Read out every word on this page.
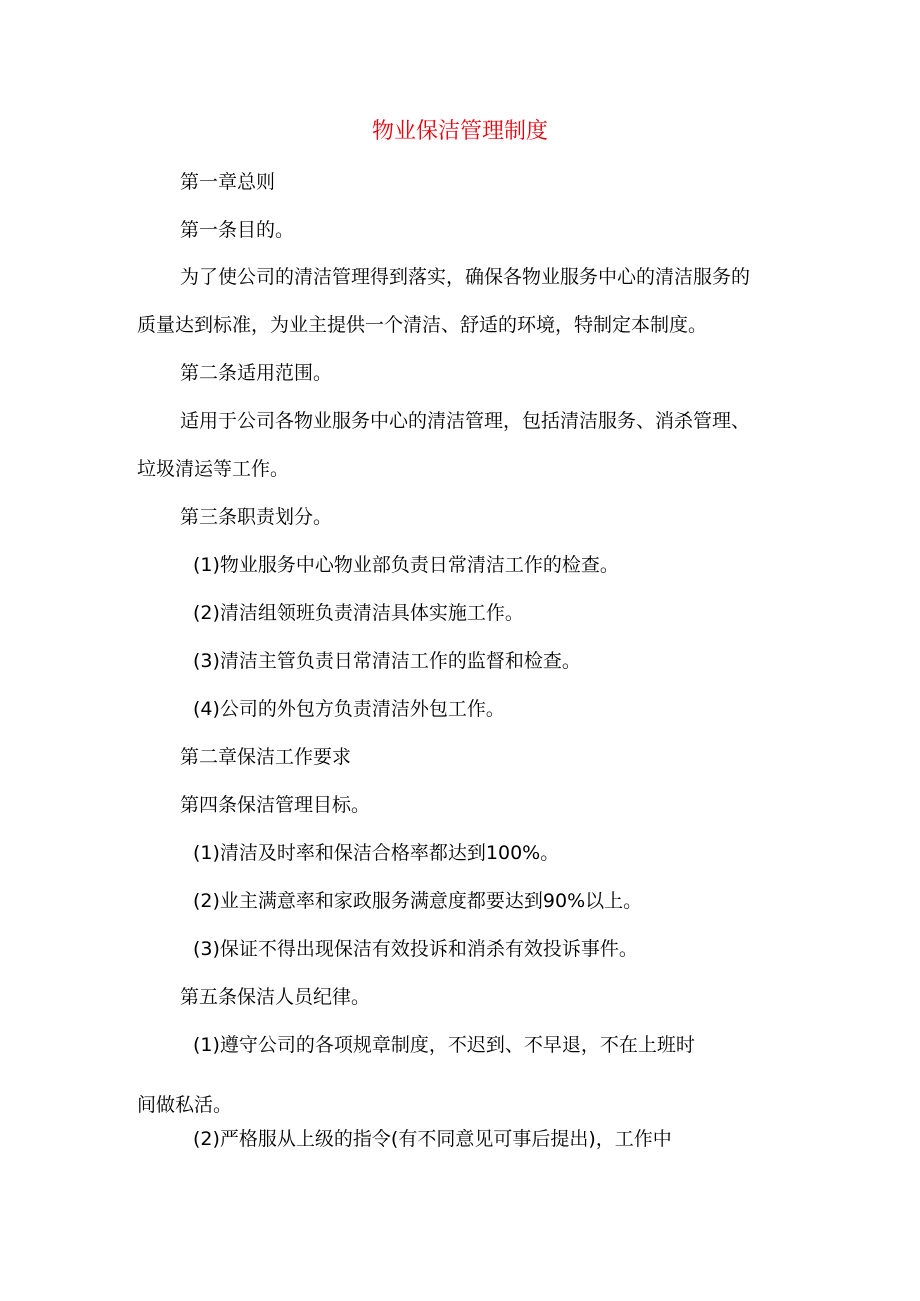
物业保洁管理制度

第一章总则

第一条目的。

为了使公司的清洁管理得到落实，确保各物业服务中心的清洁服务的

质量达到标准，为业主提供一个清洁、舒适的环境，特制定本制度。

第二条适用范围。

适用于公司各物业服务中心的清洁管理，包括清洁服务、消杀管理、

垃圾清运等工作。

第三条职责划分。

(1)物业服务中心物业部负责日常清洁工作的检查。

(2)清洁组领班负责清洁具体实施工作。

(3)清洁主管负责日常清洁工作的监督和检查。

(4)公司的外包方负责清洁外包工作。

第二章保洁工作要求

第四条保洁管理目标。

(1)清洁及时率和保洁合格率都达到100%。

(2)业主满意率和家政服务满意度都要达到90%以上。

(3)保证不得出现保洁有效投诉和消杀有效投诉事件。

第五条保洁人员纪律。

(1)遵守公司的各项规章制度，不迟到、不早退，不在上班时

间做私活。

(2)严格服从上级的指令(有不同意见可事后提出)，工作中
